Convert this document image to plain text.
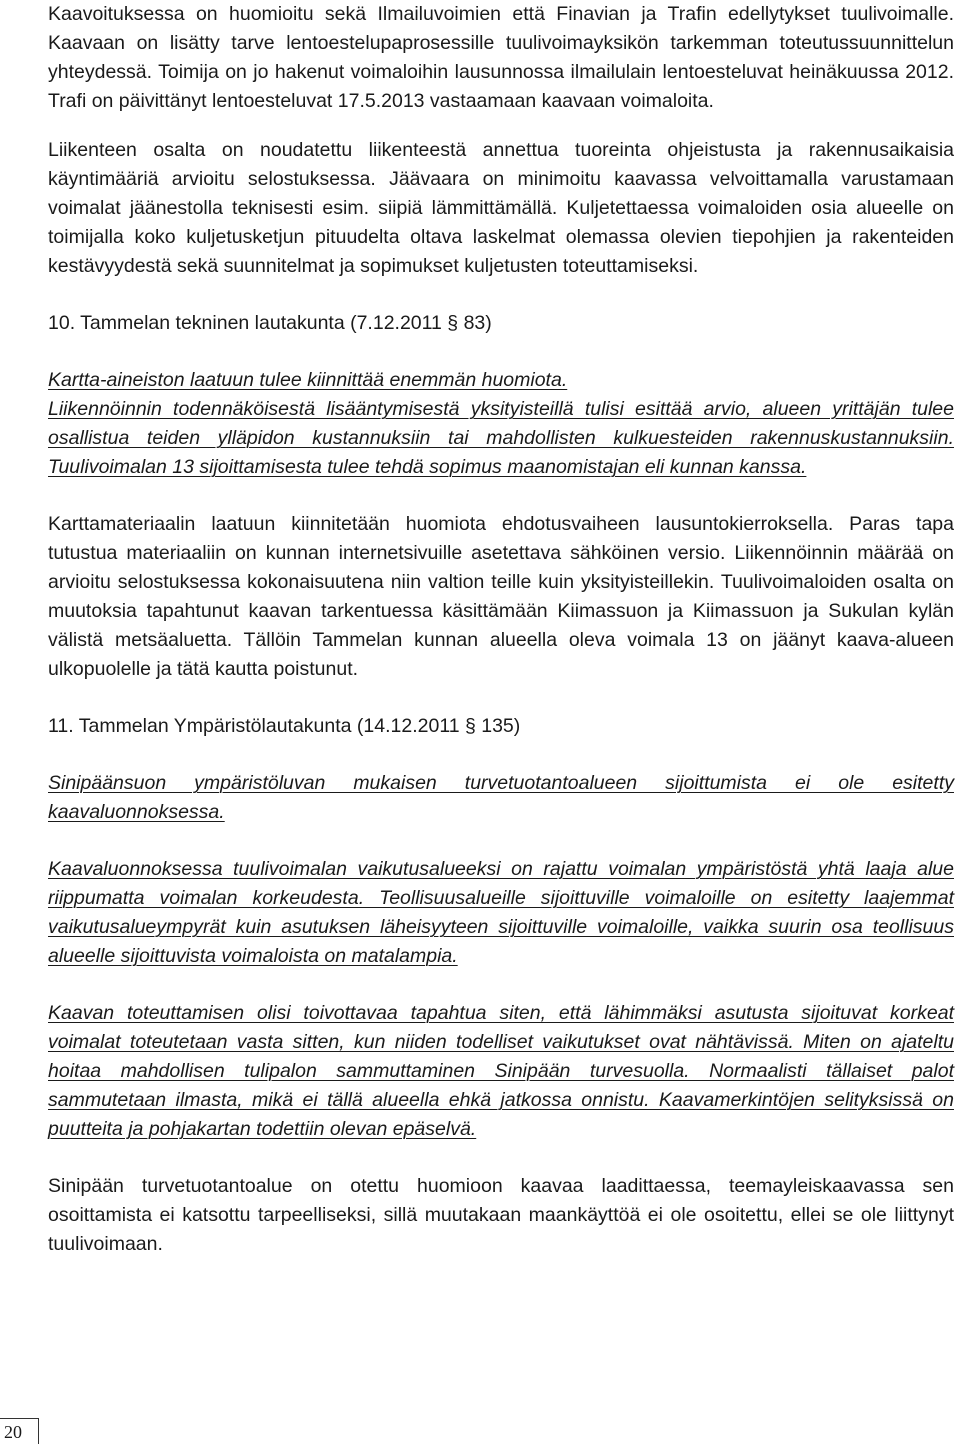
Kaavoituksessa on huomioitu sekä Ilmailuvoimien että Finavian ja Trafin edellytykset tuulivoimalle. Kaavaan on lisätty tarve lentoestelupaprosessille tuulivoimayksikön tarkemman toteutussuunnittelun yhteydessä. Toimija on jo hakenut voimaloihin lausunnossa ilmailulain lentoesteluvat heinäkuussa 2012. Trafi on päivittänyt lentoesteluvat 17.5.2013 vastaamaan kaavaan voimaloita.

Liikenteen osalta on noudatettu liikenteestä annettua tuoreinta ohjeistusta ja rakennusaikaisia käyntimääriä arvioitu selostuksessa. Jäävaara on minimoitu kaavassa velvoittamalla varustamaan voimalat jäänestolla teknisesti esim. siipiä lämmittämällä. Kuljetettaessa voimaloiden osia alueelle on toimijalla koko kuljetusketjun pituudelta oltava laskelmat olemassa olevien tiepohjien ja rakenteiden kestävyydestä sekä suunnitelmat ja sopimukset kuljetusten toteuttamiseksi.

10. Tammelan tekninen lautakunta (7.12.2011 § 83)

Kartta-aineiston laatuun tulee kiinnittää enemmän huomiota.

Liikennöinnin todennäköisestä lisääntymisestä yksityisteillä tulisi esittää arvio, alueen yrittäjän tulee osallistua teiden ylläpidon kustannuksiin tai mahdollisten kulkuesteiden rakennuskustannuksiin. Tuulivoimalan 13 sijoittamisesta tulee tehdä sopimus maanomistajan eli kunnan kanssa.

Karttamateriaalin laatuun kiinnitetään huomiota ehdotusvaiheen lausuntokierroksella. Paras tapa tutustua materiaaliin on kunnan internetsivuille asetettava sähköinen versio. Liikennöinnin määrää on arvioitu selostuksessa kokonaisuutena niin valtion teille kuin yksityisteillekin. Tuulivoimaloiden osalta on muutoksia tapahtunut kaavan tarkentuessa käsittämään Kiimassuon ja Kiimassuon ja Sukulan kylän välistä metsäaluetta. Tällöin Tammelan kunnan alueella oleva voimala 13 on jäänyt kaava-alueen ulkopuolelle ja tätä kautta poistunut.

11. Tammelan Ympäristölautakunta (14.12.2011 § 135)

Sinipäänsuon ympäristöluvan mukaisen turvetuotantoalueen sijoittumista ei ole esitetty kaavaluonnoksessa.

Kaavaluonnoksessa tuulivoimalan vaikutusalueeksi on rajattu voimalan ympäristöstä yhtä laaja alue riippumatta voimalan korkeudesta. Teollisuusalueille sijoittuville voimaloille on esitetty laajemmat vaikutusalueympyrät kuin asutuksen läheisyyteen sijoittuville voimaloille, vaikka suurin osa teollisuus alueelle sijoittuvista voimaloista on matalampia.

Kaavan toteuttamisen olisi toivottavaa tapahtua siten, että lähimmäksi asutusta sijoituvat korkeat voimalat toteutetaan vasta sitten, kun niiden todelliset vaikutukset ovat nähtävissä. Miten on ajateltu hoitaa mahdollisen tulipalon sammuttaminen Sinipään turvesuolla. Normaalisti tällaiset palot sammutetaan ilmasta, mikä ei tällä alueella ehkä jatkossa onnistu. Kaavamerkintöjen selityksissä on puutteita ja pohjakartan todettiin olevan epäselvä.

Sinipään turvetuotantoalue on otettu huomioon kaavaa laadittaessa, teemayleiskaavassa sen osoittamista ei katsottu tarpeelliseksi, sillä muutakaan maankäyttöä ei ole osoitettu, ellei se ole liittynyt tuulivoimaan.

20
